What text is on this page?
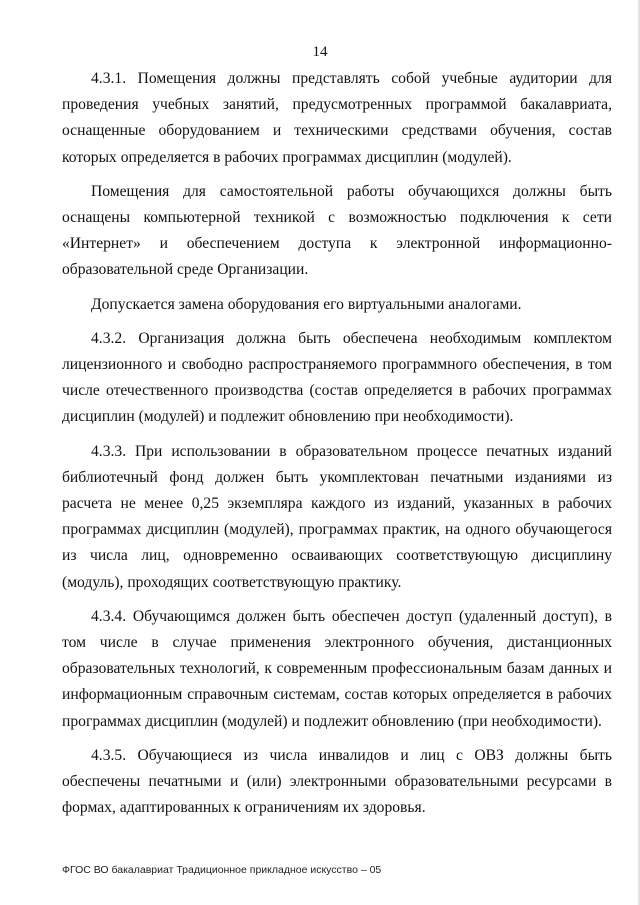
14

4.3.1. Помещения должны представлять собой учебные аудитории для проведения учебных занятий, предусмотренных программой бакалавриата, оснащенные оборудованием и техническими средствами обучения, состав которых определяется в рабочих программах дисциплин (модулей).

Помещения для самостоятельной работы обучающихся должны быть оснащены компьютерной техникой с возможностью подключения к сети «Интернет» и обеспечением доступа к электронной информационно-образовательной среде Организации.

Допускается замена оборудования его виртуальными аналогами.

4.3.2. Организация должна быть обеспечена необходимым комплектом лицензионного и свободно распространяемого программного обеспечения, в том числе отечественного производства (состав определяется в рабочих программах дисциплин (модулей) и подлежит обновлению при необходимости).

4.3.3. При использовании в образовательном процессе печатных изданий библиотечный фонд должен быть укомплектован печатными изданиями из расчета не менее 0,25 экземпляра каждого из изданий, указанных в рабочих программах дисциплин (модулей), программах практик, на одного обучающегося из числа лиц, одновременно осваивающих соответствующую дисциплину (модуль), проходящих соответствующую практику.

4.3.4. Обучающимся должен быть обеспечен доступ (удаленный доступ), в том числе в случае применения электронного обучения, дистанционных образовательных технологий, к современным профессиональным базам данных и информационным справочным системам, состав которых определяется в рабочих программах дисциплин (модулей) и подлежит обновлению (при необходимости).

4.3.5. Обучающиеся из числа инвалидов и лиц с ОВЗ должны быть обеспечены печатными и (или) электронными образовательными ресурсами в формах, адаптированных к ограничениям их здоровья.

ФГОС ВО бакалавриат Традиционное прикладное искусство – 05
